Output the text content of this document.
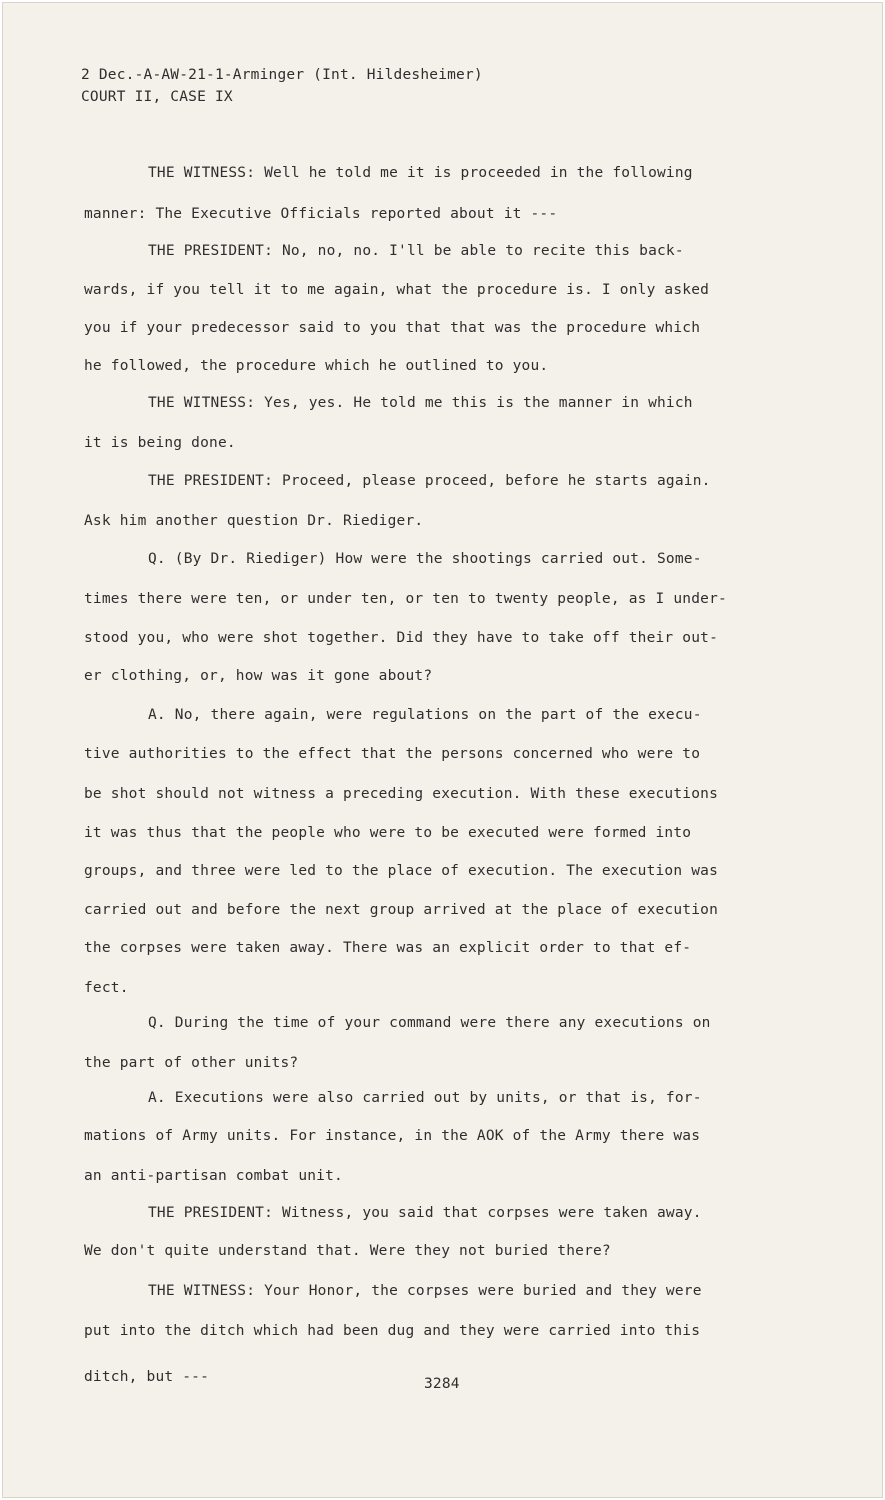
2 Dec.-A-AW-21-1-Arminger (Int. Hildesheimer)
COURT II, CASE IX
THE WITNESS: Well he told me it is proceeded in the following
manner: The Executive Officials reported about it ---
THE PRESIDENT: No, no, no. I'll be able to recite this back-
wards, if you tell it to me again, what the procedure is. I only asked
you if your predecessor said to you that that was the procedure which
he followed, the procedure which he outlined to you.
THE WITNESS: Yes, yes. He told me this is the manner in which
it is being done.
THE PRESIDENT: Proceed, please proceed, before he starts again.
Ask him another question Dr. Riediger.
Q. (By Dr. Riediger) How were the shootings carried out. Some-
times there were ten, or under ten, or ten to twenty people, as I under-
stood you, who were shot together. Did they have to take off their out-
er clothing, or, how was it gone about?
A. No, there again, were regulations on the part of the execu-
tive authorities to the effect that the persons concerned who were to
be shot should not witness a preceding execution. With these executions
it was thus that the people who were to be executed were formed into
groups, and three were led to the place of execution. The execution was
carried out and before the next group arrived at the place of execution
the corpses were taken away. There was an explicit order to that ef-
fect.
Q. During the time of your command were there any executions on
the part of other units?
A. Executions were also carried out by units, or that is, for-
mations of Army units. For instance, in the AOK of the Army there was
an anti-partisan combat unit.
THE PRESIDENT: Witness, you said that corpses were taken away.
We don't quite understand that. Were they not buried there?
THE WITNESS: Your Honor, the corpses were buried and they were
put into the ditch which had been dug and they were carried into this
ditch, but ---	3284
